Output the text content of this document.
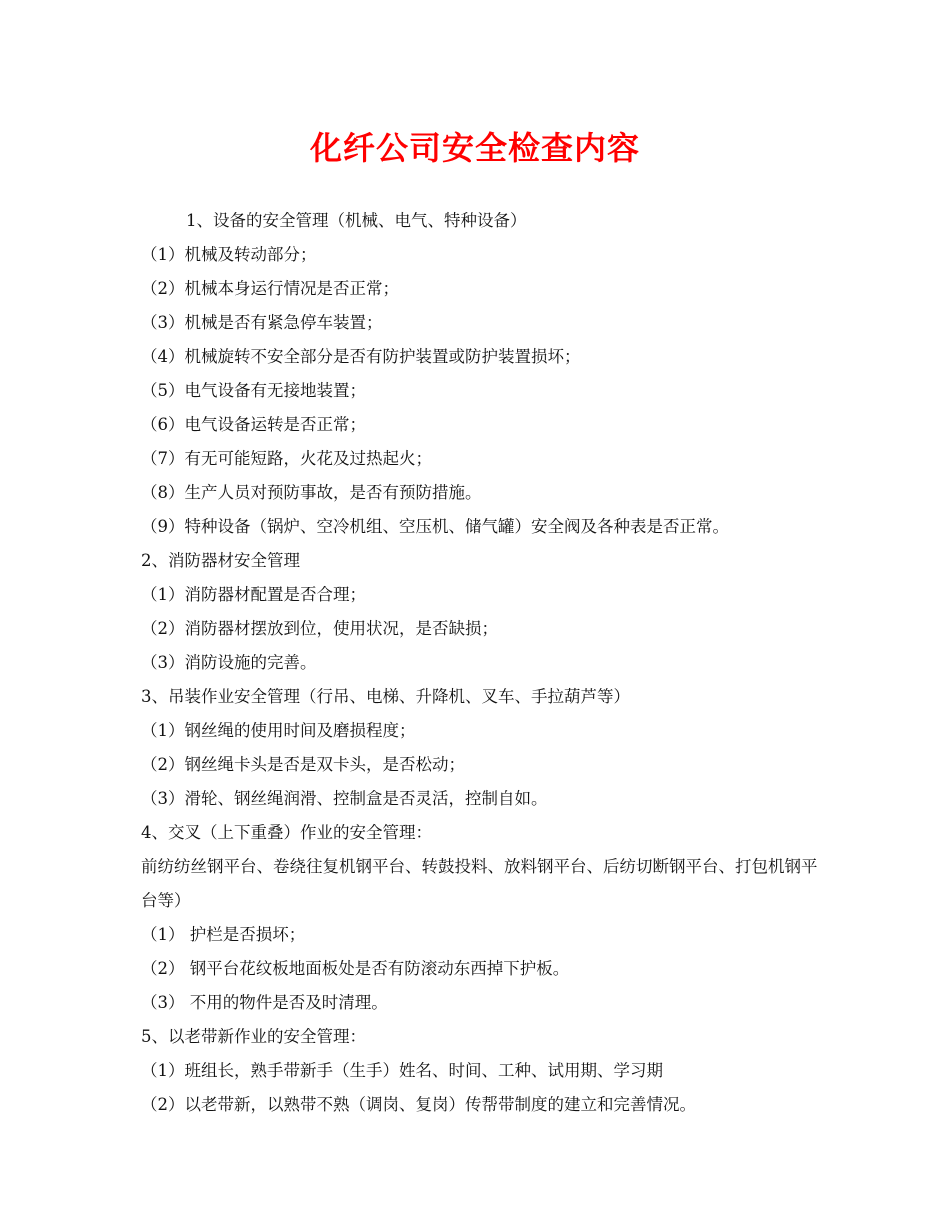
化纤公司安全检查内容
1、设备的安全管理（机械、电气、特种设备）
（1）机械及转动部分；
（2）机械本身运行情况是否正常；
（3）机械是否有紧急停车装置；
（4）机械旋转不安全部分是否有防护装置或防护装置损坏；
（5）电气设备有无接地装置；
（6）电气设备运转是否正常；
（7）有无可能短路，火花及过热起火；
（8）生产人员对预防事故，是否有预防措施。
（9）特种设备（锅炉、空冷机组、空压机、储气罐）安全阀及各种表是否正常。
2、消防器材安全管理
（1）消防器材配置是否合理；
（2）消防器材摆放到位，使用状况，是否缺损；
（3）消防设施的完善。
3、吊装作业安全管理（行吊、电梯、升降机、叉车、手拉葫芦等）
（1）钢丝绳的使用时间及磨损程度；
（2）钢丝绳卡头是否是双卡头，是否松动；
（3）滑轮、钢丝绳润滑、控制盒是否灵活，控制自如。
4、交叉（上下重叠）作业的安全管理：
前纺纺丝钢平台、卷绕往复机钢平台、转鼓投料、放料钢平台、后纺切断钢平台、打包机钢平台等）
（1） 护栏是否损坏；
（2） 钢平台花纹板地面板处是否有防滚动东西掉下护板。
（3） 不用的物件是否及时清理。
5、以老带新作业的安全管理：
（1）班组长，熟手带新手（生手）姓名、时间、工种、试用期、学习期
（2）以老带新，以熟带不熟（调岗、复岗）传帮带制度的建立和完善情况。
